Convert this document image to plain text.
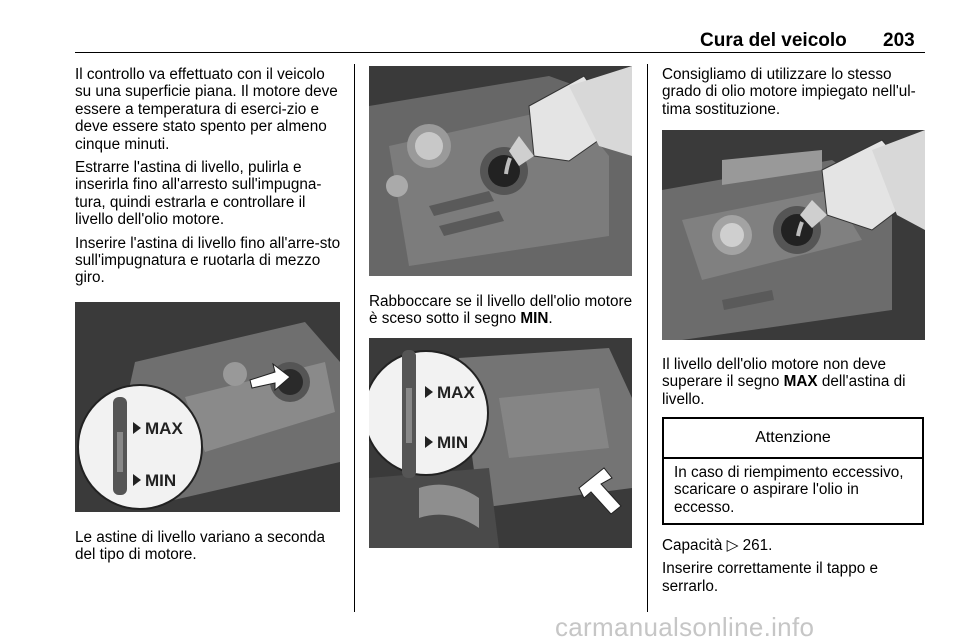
Cura del veicolo 203

Il controllo va effettuato con il veicolo su una superficie piana. Il motore deve essere a temperatura di eserci-zio e deve essere stato spento per almeno cinque minuti.

Estrarre l'astina di livello, pulirla e inserirla fino all'arresto sull'impugna-tura, quindi estrarla e controllare il livello dell'olio motore.

Inserire l'astina di livello fino all'arre-sto sull'impugnatura e ruotarla di mezzo giro.

MAX
MIN

Le astine di livello variano a seconda del tipo di motore.

Rabboccare se il livello dell'olio motore è sceso sotto il segno MIN.

MAX
MIN

Consigliamo di utilizzare lo stesso grado di olio motore impiegato nell'ul-tima sostituzione.

Il livello dell'olio motore non deve superare il segno MAX dell'astina di livello.

Attenzione
In caso di riempimento eccessivo, scaricare o aspirare l'olio in eccesso.

Capacità ▷ 261.

Inserire correttamente il tappo e serrarlo.

carmanualsonline.info
